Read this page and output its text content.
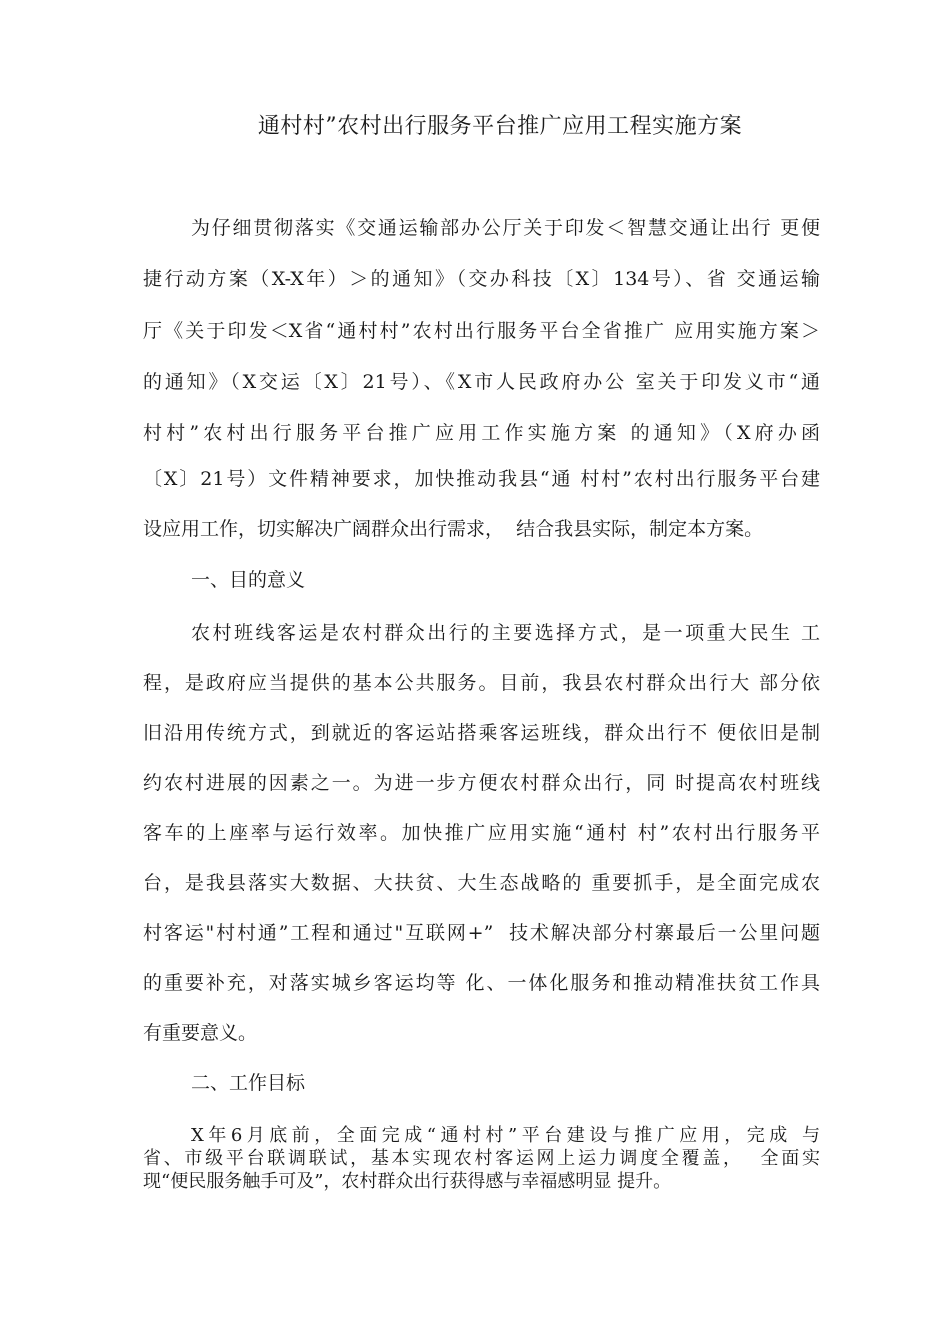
通村村”农村出行服务平台推广应用工程实施方案
为仔细贯彻落实《交通运输部办公厅关于印发＜智慧交通让出行 更便
捷行动方案（X-X年）＞的通知》（交办科技〔X〕134号）、省 交通运输
厅《关于印发＜X省“通村村”农村出行服务平台全省推广 应用实施方案＞
的通知》（X交运〔X〕21号）、《X市人民政府办公 室关于印发义市“通
村村”农村出行服务平台推广应用工作实施方案 的通知》（X府办函
〔X〕21号）文件精神要求，加快推动我县“通 村村”农村出行服务平台建
设应用工作，切实解决广阔群众出行需求，  结合我县实际，制定本方案。
一、目的意义
农村班线客运是农村群众出行的主要选择方式，是一项重大民生 工
程，是政府应当提供的基本公共服务。目前，我县农村群众出行大 部分依
旧沿用传统方式，到就近的客运站搭乘客运班线，群众出行不 便依旧是制
约农村进展的因素之一。为进一步方便农村群众出行，同 时提高农村班线
客车的上座率与运行效率。加快推广应用实施“通村 村”农村出行服务平
台，是我县落实大数据、大扶贫、大生态战略的 重要抓手，是全面完成农
村客运"村村通”工程和通过"互联网+”  技术解决部分村寨最后一公里问题
的重要补充，对落实城乡客运均等 化、一体化服务和推动精准扶贫工作具
有重要意义。
二、工作目标
X年6月底前，全面完成“通村村”平台建设与推广应用，完成 与
省、市级平台联调联试，基本实现农村客运网上运力调度全覆盖，  全面实
现“便民服务触手可及”，农村群众出行获得感与幸福感明显 提升。
